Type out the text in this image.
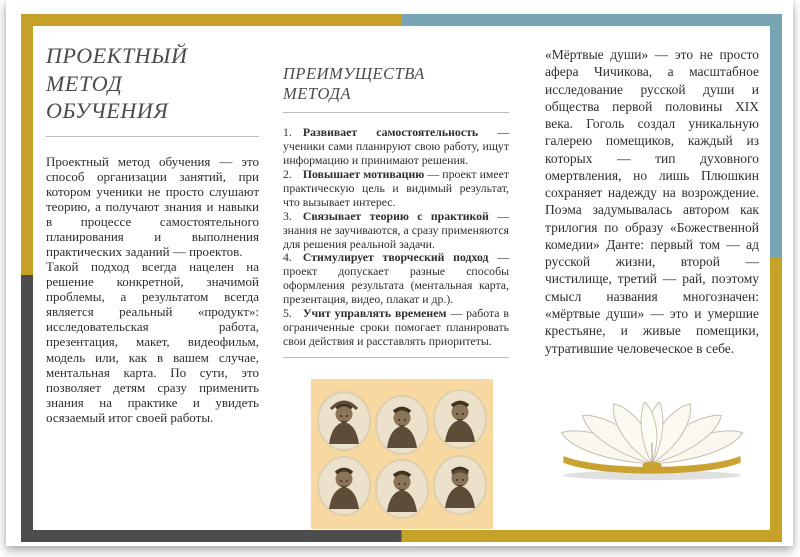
ПРОЕКТНЫЙ
МЕТОД
ОБУЧЕНИЯ

Проектный метод обучения — это способ организации занятий, при котором ученики не просто слушают теорию, а получают знания и навыки в процессе самостоятельного планирования и выполнения практических заданий — проектов.

Такой подход всегда нацелен на решение конкретной, значимой проблемы, а результатом всегда является реальный «продукт»: исследовательская работа, презентация, макет, видеофильм, модель или, как в вашем случае, ментальная карта. По сути, это позволяет детям сразу применить знания на практике и увидеть осязаемый итог своей работы.

ПРЕИМУЩЕСТВА
МЕТОДА

1. Развивает самостоятельность — ученики сами планируют свою работу, ищут информацию и принимают решения.

2. Повышает мотивацию — проект имеет практическую цель и видимый результат, что вызывает интерес.

3. Связывает теорию с практикой — знания не заучиваются, а сразу применяются для решения реальной задачи.

4. Стимулирует творческий подход — проект допускает разные способы оформления результата (ментальная карта, презентация, видео, плакат и др.).

5. Учит управлять временем — работа в ограниченные сроки помогает планировать свои действия и расставлять приоритеты.

«Мёртвые души» — это не просто афера Чичикова, а масштабное исследование русской души и общества первой половины XIX века. Гоголь создал уникальную галерею помещиков, каждый из которых — тип духовного омертвления, но лишь Плюшкин сохраняет надежду на возрождение. Поэма задумывалась автором как трилогия по образу «Божественной комедии» Данте: первый том — ад русской жизни, второй — чистилище, третий — рай, поэтому смысл названия многозначен: «мёртвые души» — это и умершие крестьяне, и живые помещики, утратившие человеческое в себе.
